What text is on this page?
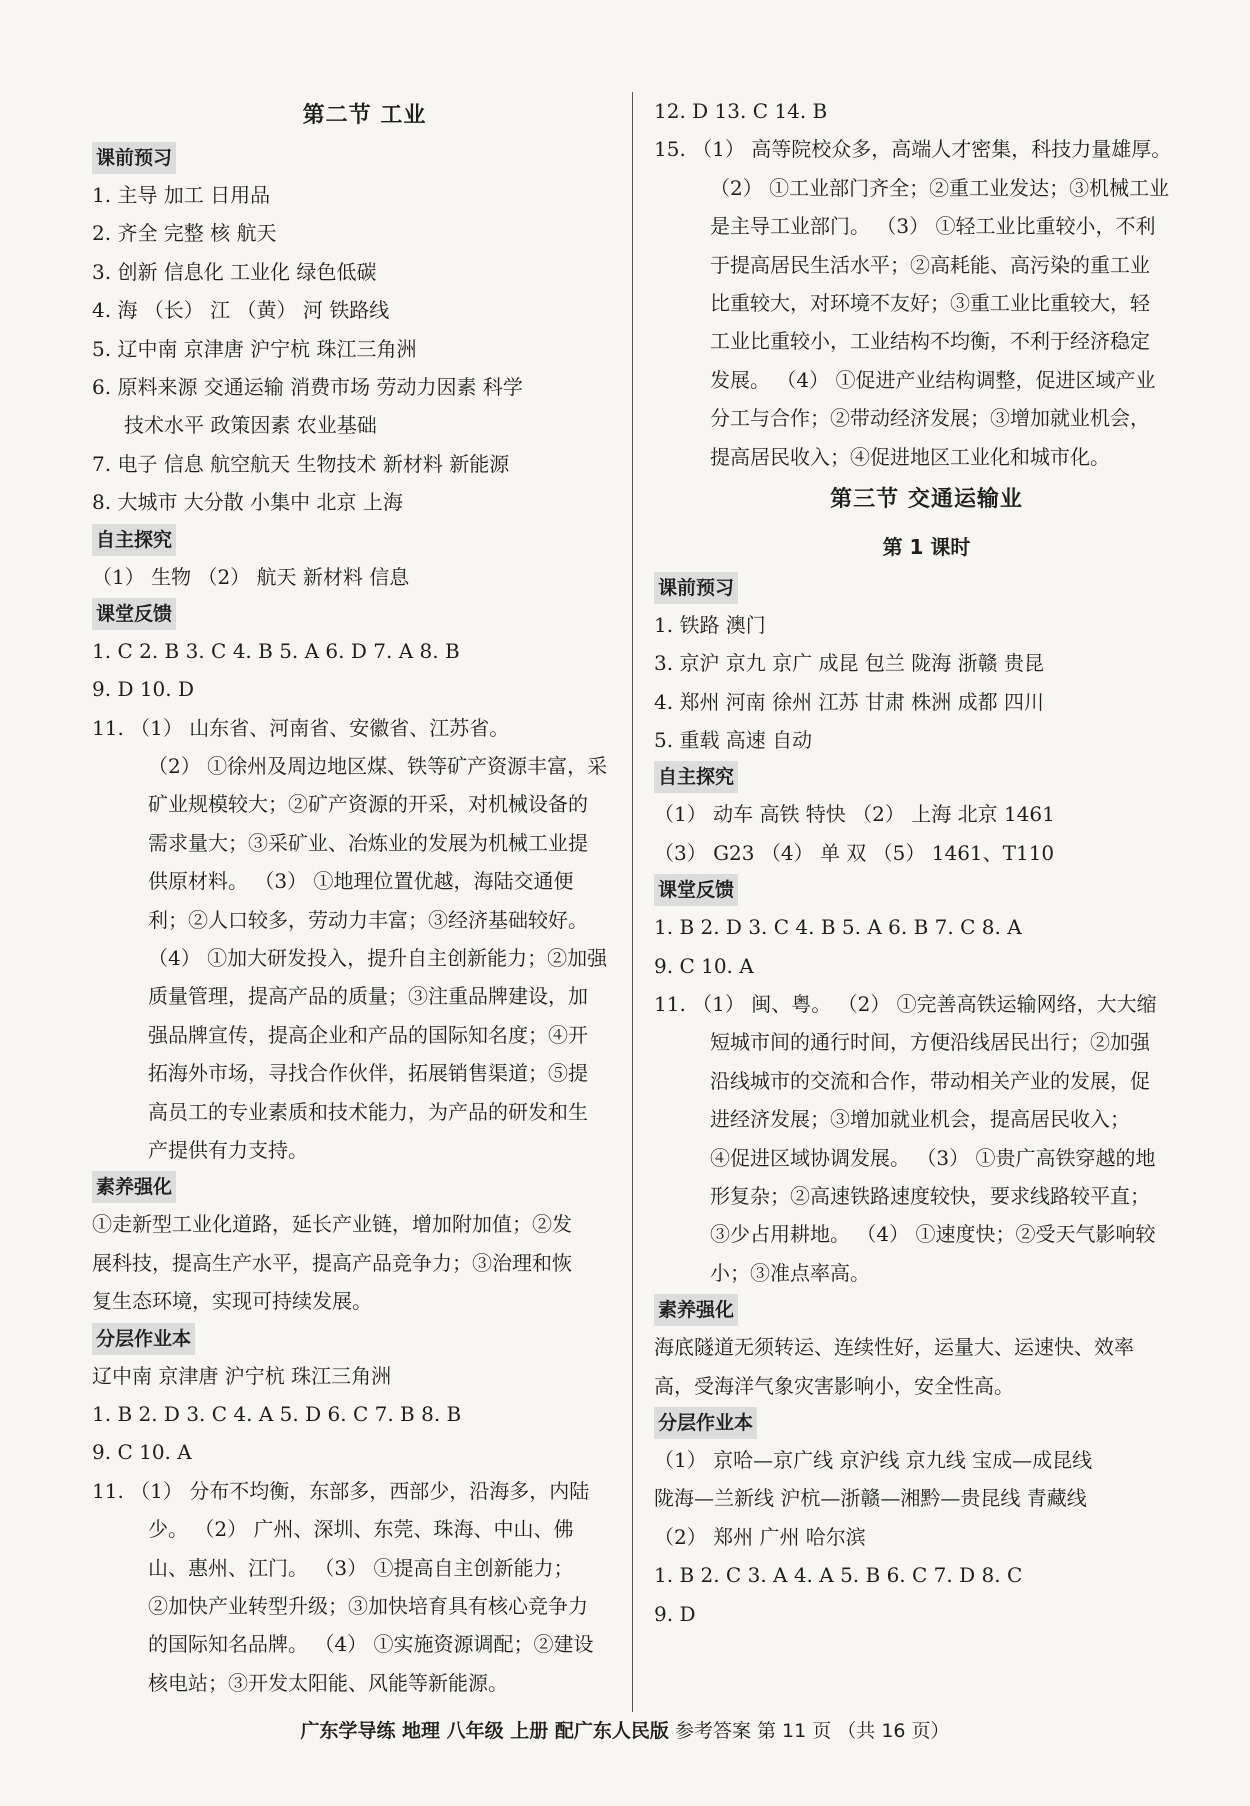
第二节 工业
课前预习
1. 主导 加工 日用品
2. 齐全 完整 核 航天
3. 创新 信息化 工业化 绿色低碳
4. 海 （长） 江 （黄） 河 铁路线
5. 辽中南 京津唐 沪宁杭 珠江三角洲
6. 原料来源 交通运输 消费市场 劳动力因素 科学
技术水平 政策因素 农业基础
7. 电子 信息 航空航天 生物技术 新材料 新能源
8. 大城市 大分散 小集中 北京 上海
自主探究
（1） 生物 （2） 航天 新材料 信息
课堂反馈
1. C 2. B 3. C 4. B 5. A 6. D 7. A 8. B
9. D 10. D
11. （1） 山东省、河南省、安徽省、江苏省。
（2） ①徐州及周边地区煤、铁等矿产资源丰富，采
矿业规模较大；②矿产资源的开采，对机械设备的
需求量大；③采矿业、冶炼业的发展为机械工业提
供原材料。 （3） ①地理位置优越，海陆交通便
利；②人口较多，劳动力丰富；③经济基础较好。
（4） ①加大研发投入，提升自主创新能力；②加强
质量管理，提高产品的质量；③注重品牌建设，加
强品牌宣传，提高企业和产品的国际知名度；④开
拓海外市场，寻找合作伙伴，拓展销售渠道；⑤提
高员工的专业素质和技术能力，为产品的研发和生
产提供有力支持。
素养强化
①走新型工业化道路，延长产业链，增加附加值；②发
展科技，提高生产水平，提高产品竞争力；③治理和恢
复生态环境，实现可持续发展。
分层作业本
辽中南 京津唐 沪宁杭 珠江三角洲
1. B 2. D 3. C 4. A 5. D 6. C 7. B 8. B
9. C 10. A
11. （1） 分布不均衡，东部多，西部少，沿海多，内陆
少。 （2） 广州、深圳、东莞、珠海、中山、佛
山、惠州、江门。 （3） ①提高自主创新能力；
②加快产业转型升级；③加快培育具有核心竞争力
的国际知名品牌。 （4） ①实施资源调配；②建设
核电站；③开发太阳能、风能等新能源。
12. D 13. C 14. B
15. （1） 高等院校众多，高端人才密集，科技力量雄厚。
（2） ①工业部门齐全；②重工业发达；③机械工业
是主导工业部门。 （3） ①轻工业比重较小，不利
于提高居民生活水平；②高耗能、高污染的重工业
比重较大，对环境不友好；③重工业比重较大，轻
工业比重较小，工业结构不均衡，不利于经济稳定
发展。 （4） ①促进产业结构调整，促进区域产业
分工与合作；②带动经济发展；③增加就业机会，
提高居民收入；④促进地区工业化和城市化。
第三节 交通运输业
第 1 课时
课前预习
1. 铁路 澳门
3. 京沪 京九 京广 成昆 包兰 陇海 浙赣 贵昆
4. 郑州 河南 徐州 江苏 甘肃 株洲 成都 四川
5. 重载 高速 自动
自主探究
（1） 动车 高铁 特快 （2） 上海 北京 1461
（3） G23 （4） 单 双 （5） 1461、T110
课堂反馈
1. B 2. D 3. C 4. B 5. A 6. B 7. C 8. A
9. C 10. A
11. （1） 闽、粤。 （2） ①完善高铁运输网络，大大缩
短城市间的通行时间，方便沿线居民出行；②加强
沿线城市的交流和合作，带动相关产业的发展，促
进经济发展；③增加就业机会，提高居民收入；
④促进区域协调发展。 （3） ①贵广高铁穿越的地
形复杂；②高速铁路速度较快，要求线路较平直；
③少占用耕地。 （4） ①速度快；②受天气影响较
小；③准点率高。
素养强化
海底隧道无须转运、连续性好，运量大、运速快、效率
高，受海洋气象灾害影响小，安全性高。
分层作业本
（1） 京哈—京广线 京沪线 京九线 宝成—成昆线
陇海—兰新线 沪杭—浙赣—湘黔—贵昆线 青藏线
（2） 郑州 广州 哈尔滨
1. B 2. C 3. A 4. A 5. B 6. C 7. D 8. C
9. D
广东学导练 地理 八年级 上册 配广东人民版 参考答案 第 11 页 （共 16 页）
